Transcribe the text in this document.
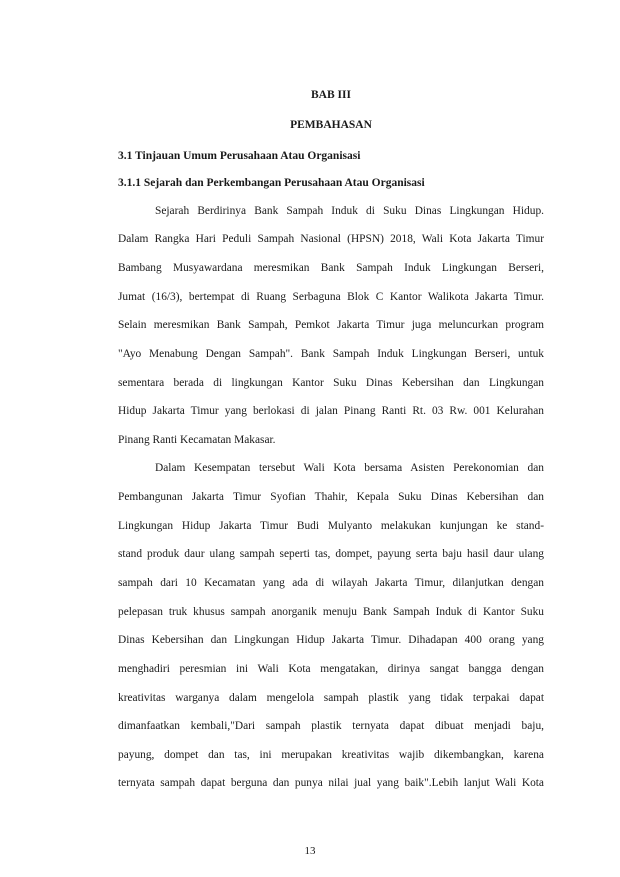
BAB III
PEMBAHASAN
3.1 Tinjauan Umum Perusahaan Atau Organisasi
3.1.1 Sejarah dan Perkembangan Perusahaan Atau Organisasi
Sejarah Berdirinya Bank Sampah Induk di Suku Dinas Lingkungan Hidup.
Dalam Rangka Hari Peduli Sampah Nasional (HPSN) 2018, Wali Kota Jakarta Timur
Bambang Musyawardana meresmikan Bank Sampah Induk Lingkungan Berseri,
Jumat (16/3), bertempat di Ruang Serbaguna Blok C Kantor Walikota Jakarta Timur.
Selain meresmikan Bank Sampah, Pemkot Jakarta Timur juga meluncurkan program
"Ayo Menabung Dengan Sampah". Bank Sampah Induk Lingkungan Berseri, untuk
sementara berada di lingkungan Kantor Suku Dinas Kebersihan dan Lingkungan
Hidup Jakarta Timur yang berlokasi di jalan Pinang Ranti Rt. 03 Rw. 001 Kelurahan
Pinang Ranti Kecamatan Makasar.
Dalam Kesempatan tersebut Wali Kota bersama Asisten Perekonomian dan
Pembangunan Jakarta Timur Syofian Thahir, Kepala Suku Dinas Kebersihan dan
Lingkungan Hidup Jakarta Timur Budi Mulyanto melakukan kunjungan ke stand-
stand produk daur ulang sampah seperti tas, dompet, payung serta baju hasil daur ulang
sampah dari 10 Kecamatan yang ada di wilayah Jakarta Timur, dilanjutkan dengan
pelepasan truk khusus sampah anorganik menuju Bank Sampah Induk di Kantor Suku
Dinas Kebersihan dan Lingkungan Hidup Jakarta Timur. Dihadapan 400 orang yang
menghadiri peresmian ini Wali Kota mengatakan, dirinya sangat bangga dengan
kreativitas warganya dalam mengelola sampah plastik yang tidak terpakai dapat
dimanfaatkan kembali,"Dari sampah plastik ternyata dapat dibuat menjadi baju,
payung, dompet dan tas, ini merupakan kreativitas wajib dikembangkan, karena
ternyata sampah dapat berguna dan punya nilai jual yang baik".Lebih lanjut Wali Kota
13
